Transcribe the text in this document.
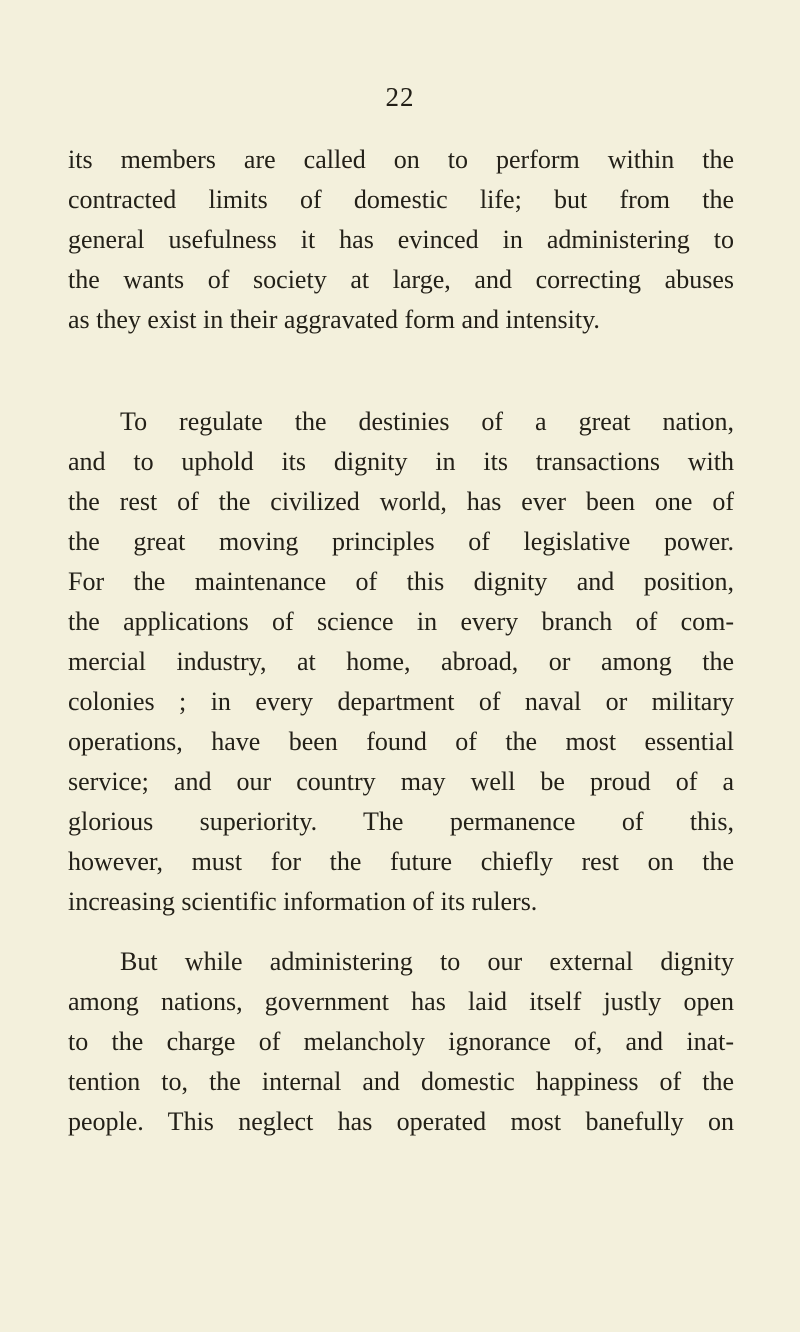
22
its members are called on to perform within the
contracted limits of domestic life; but from the
general usefulness it has evinced in administering to
the wants of society at large, and correcting abuses
as they exist in their aggravated form and intensity.
To regulate the destinies of a great nation,
and to uphold its dignity in its transactions with
the rest of the civilized world, has ever been one of
the great moving principles of legislative power.
For the maintenance of this dignity and position,
the applications of science in every branch of com-
mercial industry, at home, abroad, or among the
colonies ; in every department of naval or military
operations, have been found of the most essential
service; and our country may well be proud of a
glorious superiority. The permanence of this,
however, must for the future chiefly rest on the
increasing scientific information of its rulers.
But while administering to our external dignity
among nations, government has laid itself justly open
to the charge of melancholy ignorance of, and inat-
tention to, the internal and domestic happiness of the
people. This neglect has operated most banefully on
